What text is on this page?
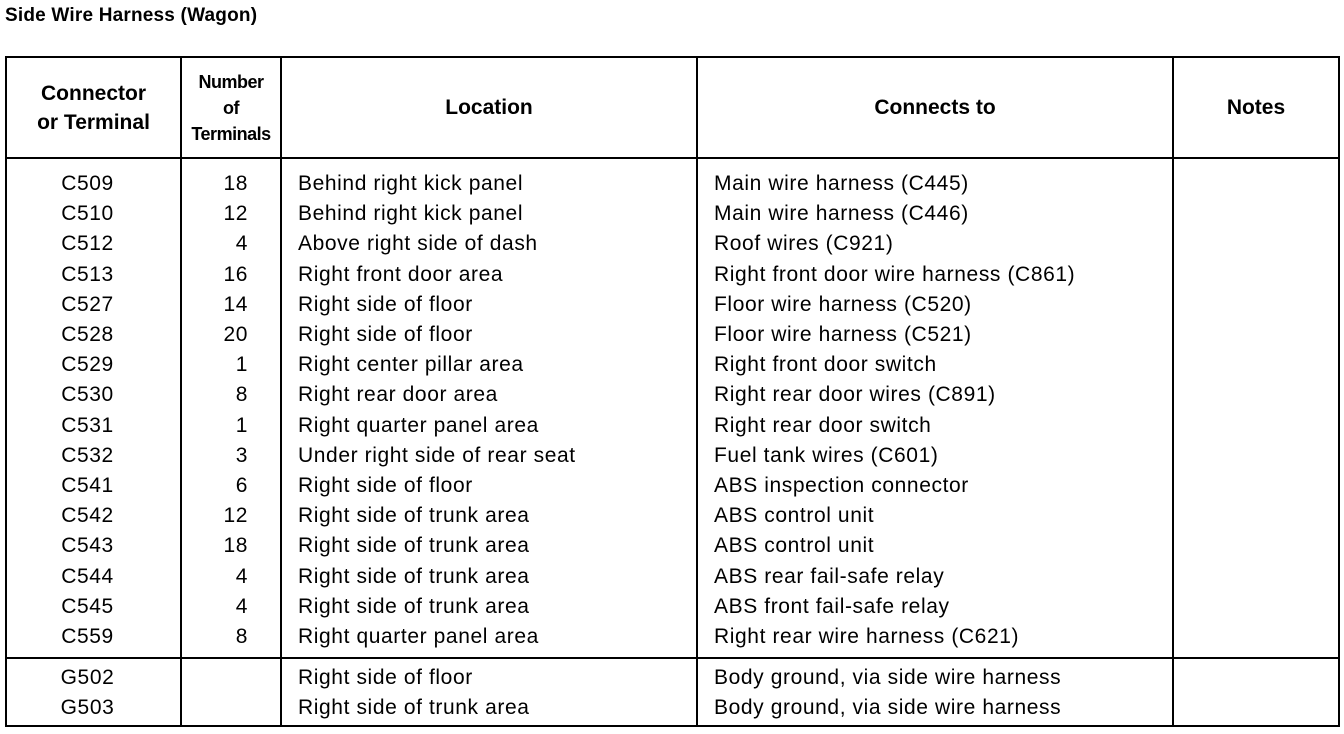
Side Wire Harness (Wagon)
Connector
or Terminal	Number
of
Terminals	Location	Connects to	Notes
C509	18	Behind right kick panel	Main wire harness (C445)	
C510	12	Behind right kick panel	Main wire harness (C446)	
C512	4	Above right side of dash	Roof wires (C921)	
C513	16	Right front door area	Right front door wire harness (C861)	
C527	14	Right side of floor	Floor wire harness (C520)	
C528	20	Right side of floor	Floor wire harness (C521)	
C529	1	Right center pillar area	Right front door switch	
C530	8	Right rear door area	Right rear door wires (C891)	
C531	1	Right quarter panel area	Right rear door switch	
C532	3	Under right side of rear seat	Fuel tank wires (C601)	
C541	6	Right side of floor	ABS inspection connector	
C542	12	Right side of trunk area	ABS control unit	
C543	18	Right side of trunk area	ABS control unit	
C544	4	Right side of trunk area	ABS rear fail-safe relay	
C545	4	Right side of trunk area	ABS front fail-safe relay	
C559	8	Right quarter panel area	Right rear wire harness (C621)	
G502		Right side of floor	Body ground, via side wire harness	
G503		Right side of trunk area	Body ground, via side wire harness	
